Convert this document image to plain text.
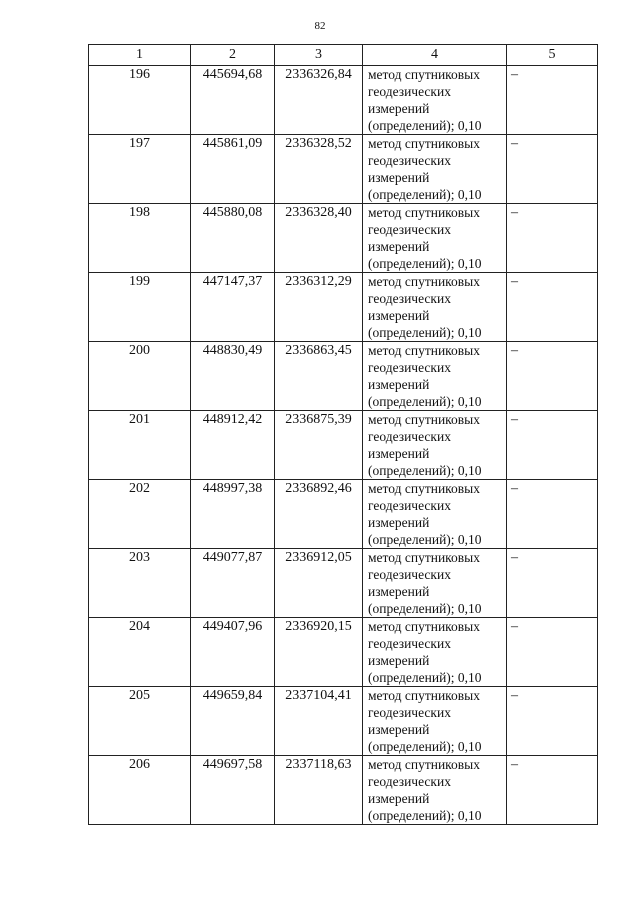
82
1	2	3	4	5
196	445694,68	2336326,84	метод спутниковых геодезических измерений (определений); 0,10	–
197	445861,09	2336328,52	метод спутниковых геодезических измерений (определений); 0,10	–
198	445880,08	2336328,40	метод спутниковых геодезических измерений (определений); 0,10	–
199	447147,37	2336312,29	метод спутниковых геодезических измерений (определений); 0,10	–
200	448830,49	2336863,45	метод спутниковых геодезических измерений (определений); 0,10	–
201	448912,42	2336875,39	метод спутниковых геодезических измерений (определений); 0,10	–
202	448997,38	2336892,46	метод спутниковых геодезических измерений (определений); 0,10	–
203	449077,87	2336912,05	метод спутниковых геодезических измерений (определений); 0,10	–
204	449407,96	2336920,15	метод спутниковых геодезических измерений (определений); 0,10	–
205	449659,84	2337104,41	метод спутниковых геодезических измерений (определений); 0,10	–
206	449697,58	2337118,63	метод спутниковых геодезических измерений (определений); 0,10	–
